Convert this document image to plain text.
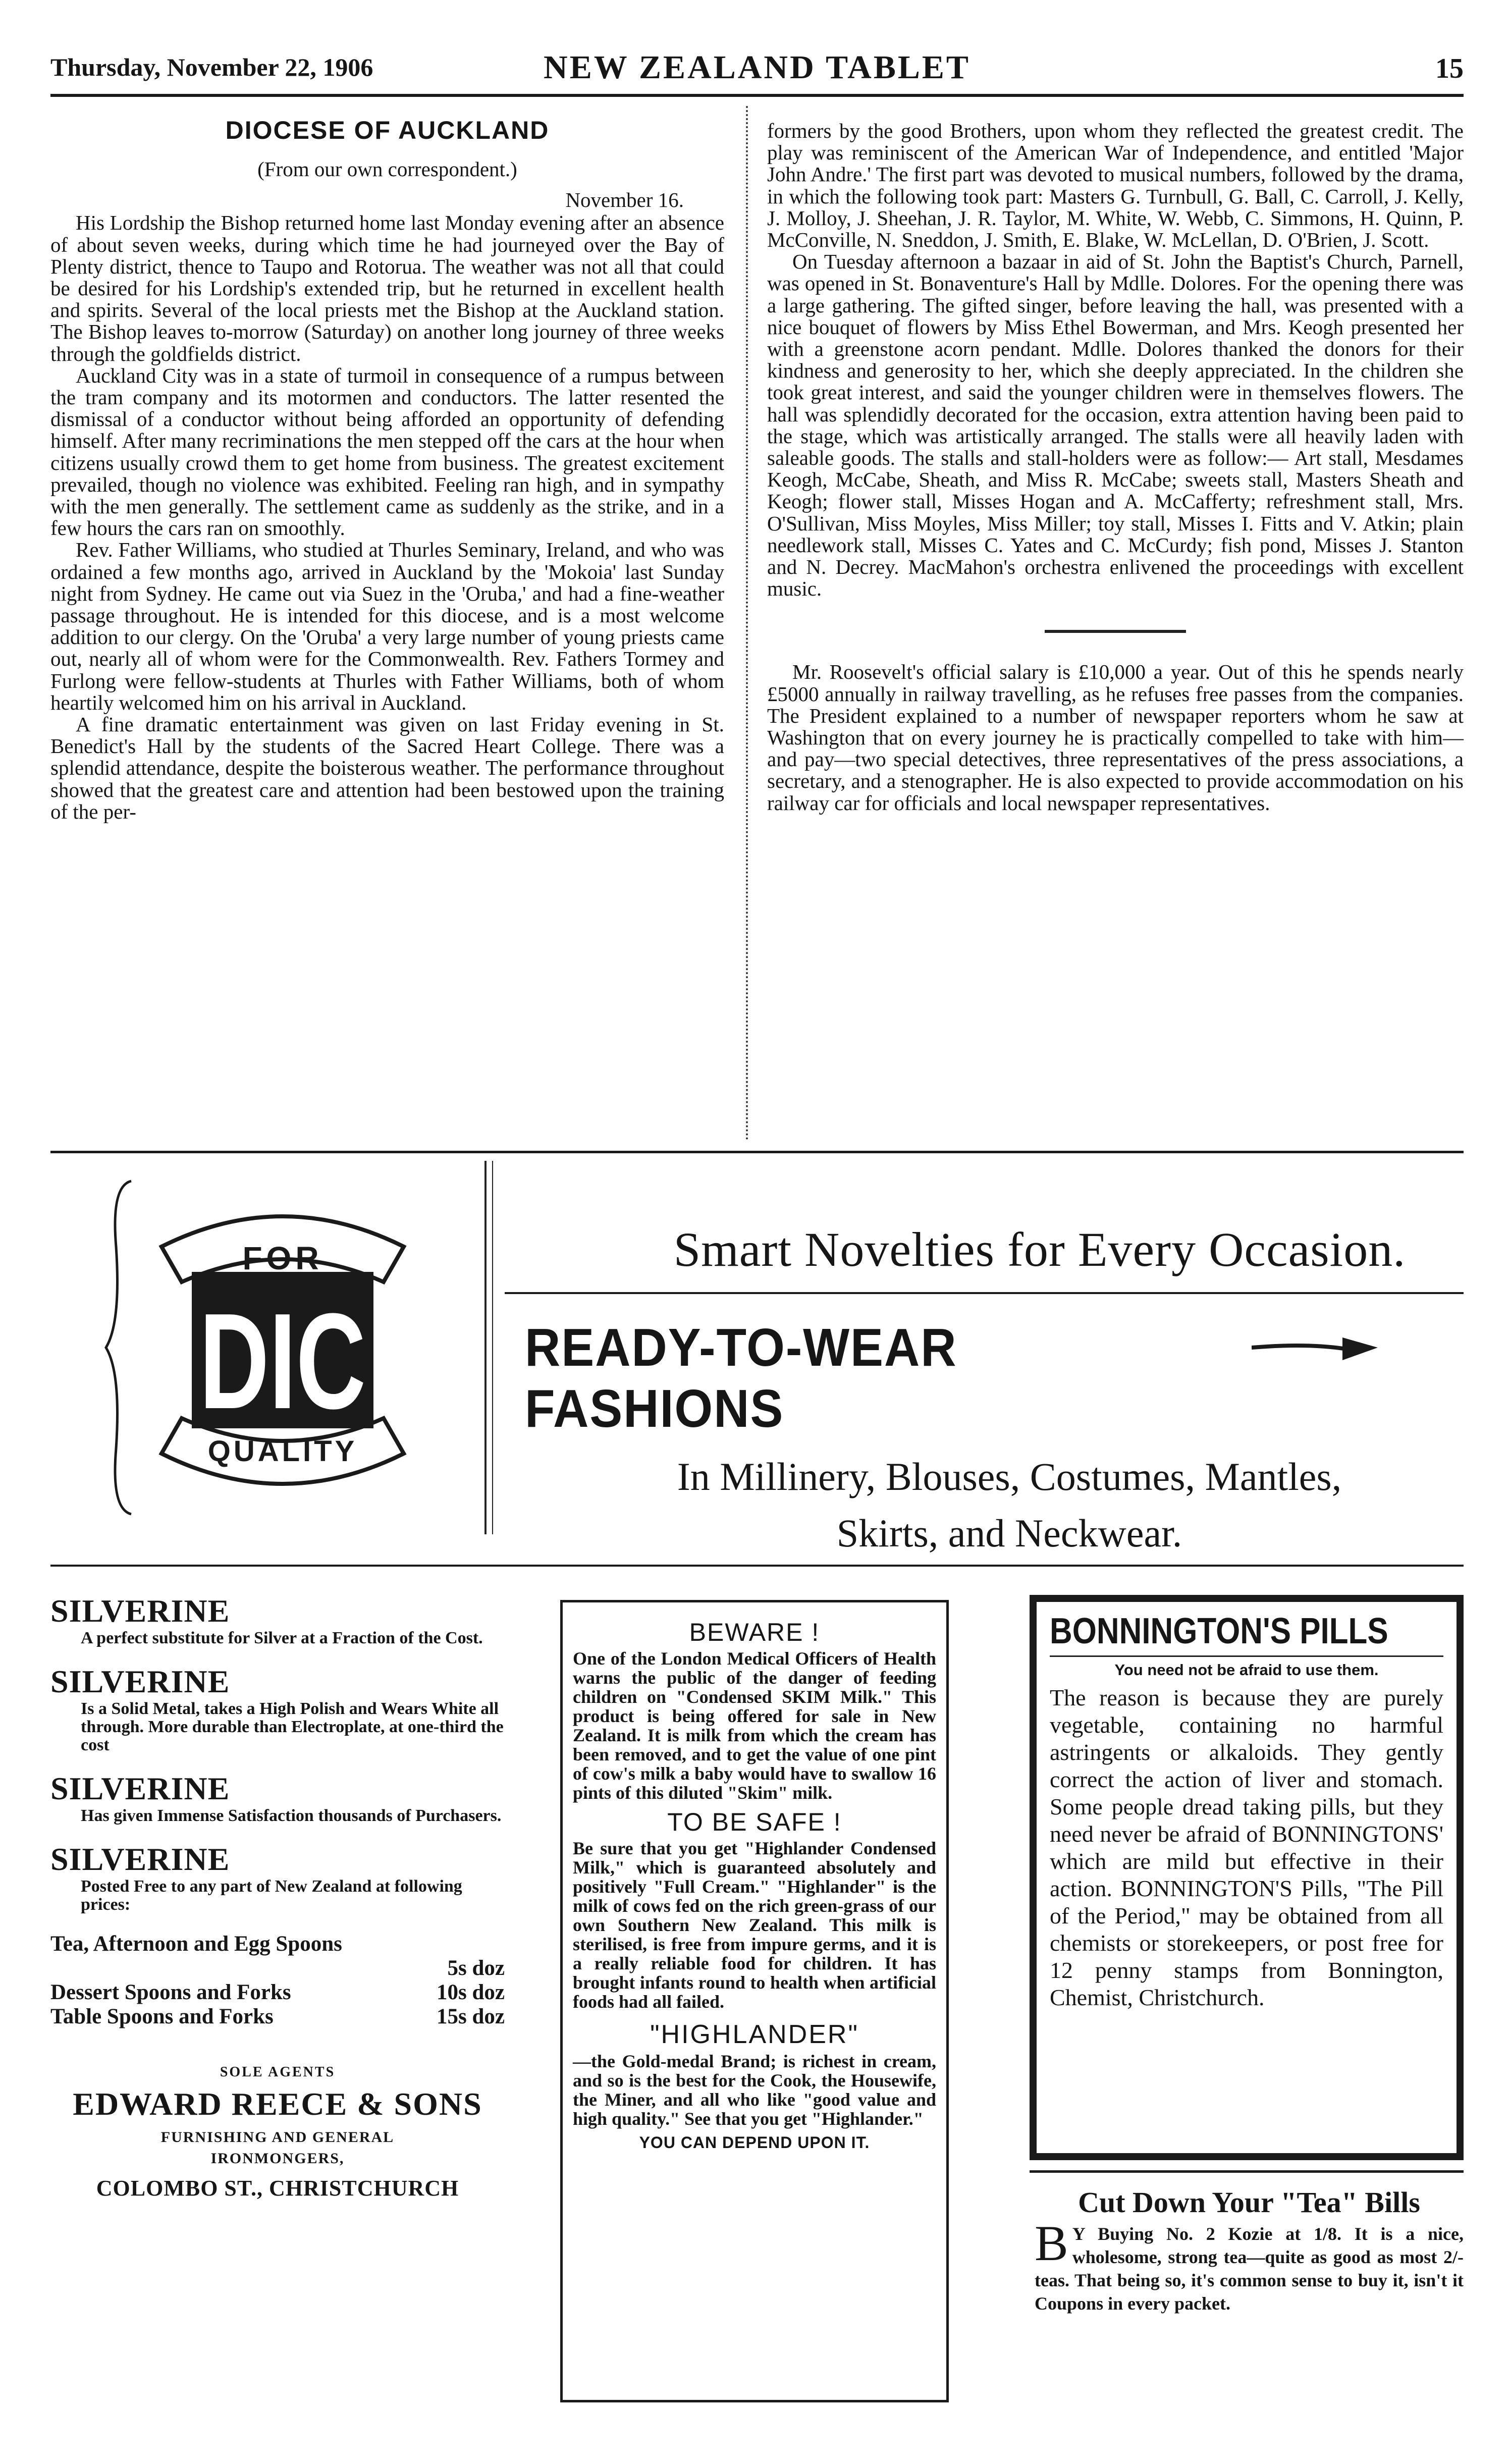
Thursday, November 22, 1906	NEW ZEALAND TABLET	15
DIOCESE OF AUCKLAND
(From our own correspondent.)
November 16.

His Lordship the Bishop returned home last Monday evening after an absence of about seven weeks, during which time he had journeyed over the Bay of Plenty district, thence to Taupo and Rotorua. The weather was not all that could be desired for his Lordship's extended trip, but he returned in excellent health and spirits. Several of the local priests met the Bishop at the Auckland station. The Bishop leaves to-morrow (Saturday) on another long journey of three weeks through the goldfields district.

Auckland City was in a state of turmoil in consequence of a rumpus between the tram company and its motormen and conductors. The latter resented the dismissal of a conductor without being afforded an opportunity of defending himself. After many recriminations the men stepped off the cars at the hour when citizens usually crowd them to get home from business. The greatest excitement prevailed, though no violence was exhibited. Feeling ran high, and in sympathy with the men generally. The settlement came as suddenly as the strike, and in a few hours the cars ran on smoothly.

Rev. Father Williams, who studied at Thurles Seminary, Ireland, and who was ordained a few months ago, arrived in Auckland by the 'Mokoia' last Sunday night from Sydney. He came out via Suez in the 'Oruba,' and had a fine-weather passage throughout. He is intended for this diocese, and is a most welcome addition to our clergy. On the 'Oruba' a very large number of young priests came out, nearly all of whom were for the Commonwealth. Rev. Fathers Tormey and Furlong were fellow-students at Thurles with Father Williams, both of whom heartily welcomed him on his arrival in Auckland.

A fine dramatic entertainment was given on last Friday evening in St. Benedict's Hall by the students of the Sacred Heart College. There was a splendid attendance, despite the boisterous weather. The performance throughout showed that the greatest care and attention had been bestowed upon the training of the per-

formers by the good Brothers, upon whom they reflected the greatest credit. The play was reminiscent of the American War of Independence, and entitled 'Major John Andre.' The first part was devoted to musical numbers, followed by the drama, in which the following took part: Masters G. Turnbull, G. Ball, C. Carroll, J. Kelly, J. Molloy, J. Sheehan, J. R. Taylor, M. White, W. Webb, C. Simmons, H. Quinn, P. McConville, N. Sneddon, J. Smith, E. Blake, W. McLellan, D. O'Brien, J. Scott.

On Tuesday afternoon a bazaar in aid of St. John the Baptist's Church, Parnell, was opened in St. Bonaventure's Hall by Mdlle. Dolores. For the opening there was a large gathering. The gifted singer, before leaving the hall, was presented with a nice bouquet of flowers by Miss Ethel Bowerman, and Mrs. Keogh presented her with a greenstone acorn pendant. Mdlle. Dolores thanked the donors for their kindness and generosity to her, which she deeply appreciated. In the children she took great interest, and said the younger children were in themselves flowers. The hall was splendidly decorated for the occasion, extra attention having been paid to the stage, which was artistically arranged. The stalls were all heavily laden with saleable goods. The stalls and stall-holders were as follow:— Art stall, Mesdames Keogh, McCabe, Sheath, and Miss R. McCabe; sweets stall, Masters Sheath and Keogh; flower stall, Misses Hogan and A. McCafferty; refreshment stall, Mrs. O'Sullivan, Miss Moyles, Miss Miller; toy stall, Misses I. Fitts and V. Atkin; plain needlework stall, Misses C. Yates and C. McCurdy; fish pond, Misses J. Stanton and N. Decrey. MacMahon's orchestra enlivened the proceedings with excellent music.

Mr. Roosevelt's official salary is £10,000 a year. Out of this he spends nearly £5000 annually in railway travelling, as he refuses free passes from the companies. The President explained to a number of newspaper reporters whom he saw at Washington that on every journey he is practically compelled to take with him—and pay—two special detectives, three representatives of the press associations, a secretary, and a stenographer. He is also expected to provide accommodation on his railway car for officials and local newspaper representatives.

DIC
FOR
QUALITY
Smart Novelties for Every Occasion.
READY-TO-WEAR FASHIONS
In Millinery, Blouses, Costumes, Mantles,
Skirts, and Neckwear.
SILVERINE
A perfect substitute for Silver at a Fraction of the Cost.
SILVERINE
Is a Solid Metal, takes a High Polish and Wears White all through. More durable than Electroplate, at one-third the cost
SILVERINE
Has given Immense Satisfaction thousands of Purchasers.
SILVERINE
Posted Free to any part of New Zealand at following prices:
Tea, Afternoon and Egg Spoons
5s doz
Dessert Spoons and Forks	10s doz
Table Spoons and Forks	15s doz
SOLE AGENTS
EDWARD REECE & SONS
FURNISHING AND GENERAL
IRONMONGERS,
COLOMBO ST., CHRISTCHURCH
BEWARE !

One of the London Medical Officers of Health warns the public of the danger of feeding children on "Condensed SKIM Milk." This product is being offered for sale in New Zealand. It is milk from which the cream has been removed, and to get the value of one pint of cow's milk a baby would have to swallow 16 pints of this diluted "Skim" milk.

TO BE SAFE !

Be sure that you get "Highlander Condensed Milk," which is guaranteed absolutely and positively "Full Cream." "Highlander" is the milk of cows fed on the rich green-grass of our own Southern New Zealand. This milk is sterilised, is free from impure germs, and it is a really reliable food for children. It has brought infants round to health when artificial foods had all failed.

"HIGHLANDER"

—the Gold-medal Brand; is richest in cream, and so is the best for the Cook, the Housewife, the Miner, and all who like "good value and high quality." See that you get "Highlander."

YOU CAN DEPEND UPON IT.
BONNINGTON'S PILLS
You need not be afraid to use them.

The reason is because they are purely vegetable, containing no harmful astringents or alkaloids. They gently correct the action of liver and stomach. Some people dread taking pills, but they need never be afraid of BONNINGTONS' which are mild but effective in their action. BONNINGTON'S Pills, "The Pill of the Period," may be obtained from all chemists or storekeepers, or post free for 12 penny stamps from Bonnington, Chemist, Christchurch.

Cut Down Your "Tea" Bills
B Y Buying No. 2 Kozie at 1/8. It is a nice, wholesome, strong tea—quite as good as most 2/- teas. That being so, it's common sense to buy it, isn't it Coupons in every packet.
